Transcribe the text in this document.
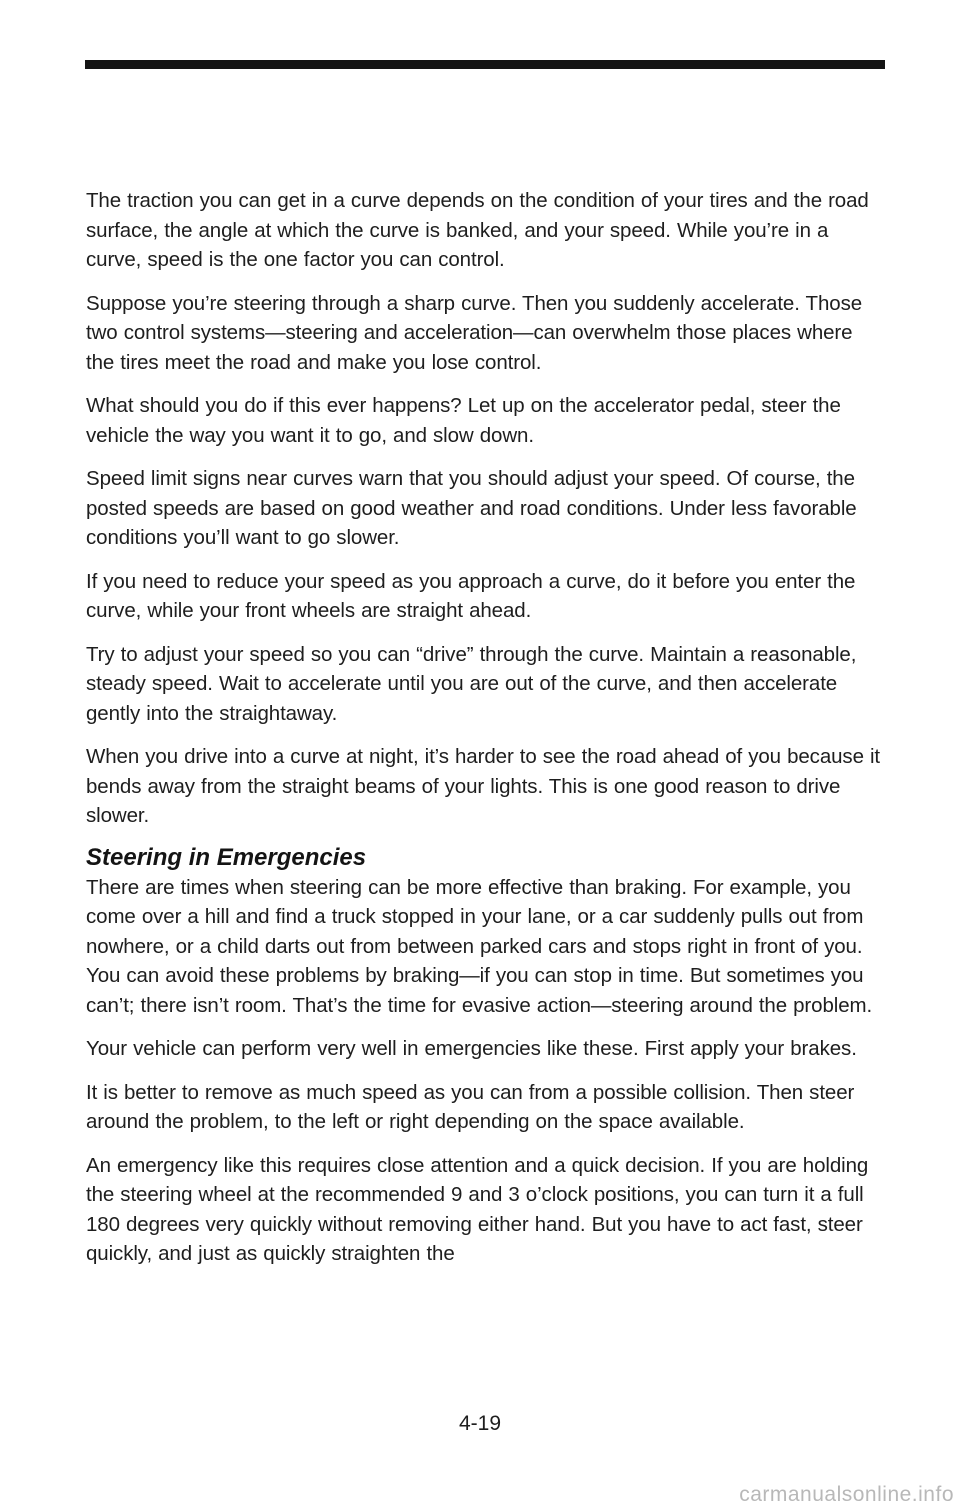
The traction you can get in a curve depends on the condition of your tires and the road surface, the angle at which the curve is banked, and your speed. While you’re in a curve, speed is the one factor you can control.

Suppose you’re steering through a sharp curve. Then you suddenly accelerate. Those two control systems—steering and acceleration—can overwhelm those places where the tires meet the road and make you lose control.

What should you do if this ever happens? Let up on the accelerator pedal, steer the vehicle the way you want it to go, and slow down.

Speed limit signs near curves warn that you should adjust your speed. Of course, the posted speeds are based on good weather and road conditions. Under less favorable conditions you’ll want to go slower.

If you need to reduce your speed as you approach a curve, do it before you enter the curve, while your front wheels are straight ahead.

Try to adjust your speed so you can “drive” through the curve. Maintain a reasonable, steady speed. Wait to accelerate until you are out of the curve, and then accelerate gently into the straightaway.

When you drive into a curve at night, it’s harder to see the road ahead of you because it bends away from the straight beams of your lights. This is one good reason to drive slower.

Steering in Emergencies

There are times when steering can be more effective than braking. For example, you come over a hill and find a truck stopped in your lane, or a car suddenly pulls out from nowhere, or a child darts out from between parked cars and stops right in front of you. You can avoid these problems by braking—if you can stop in time. But sometimes you can’t; there isn’t room. That’s the time for evasive action—steering around the problem.

Your vehicle can perform very well in emergencies like these. First apply your brakes.

It is better to remove as much speed as you can from a possible collision. Then steer around the problem, to the left or right depending on the space available.

An emergency like this requires close attention and a quick decision. If you are holding the steering wheel at the recommended 9 and 3 o’clock positions, you can turn it a full 180 degrees very quickly without removing either hand. But you have to act fast, steer quickly, and just as quickly straighten the

4-19
carmanualsonline.info
